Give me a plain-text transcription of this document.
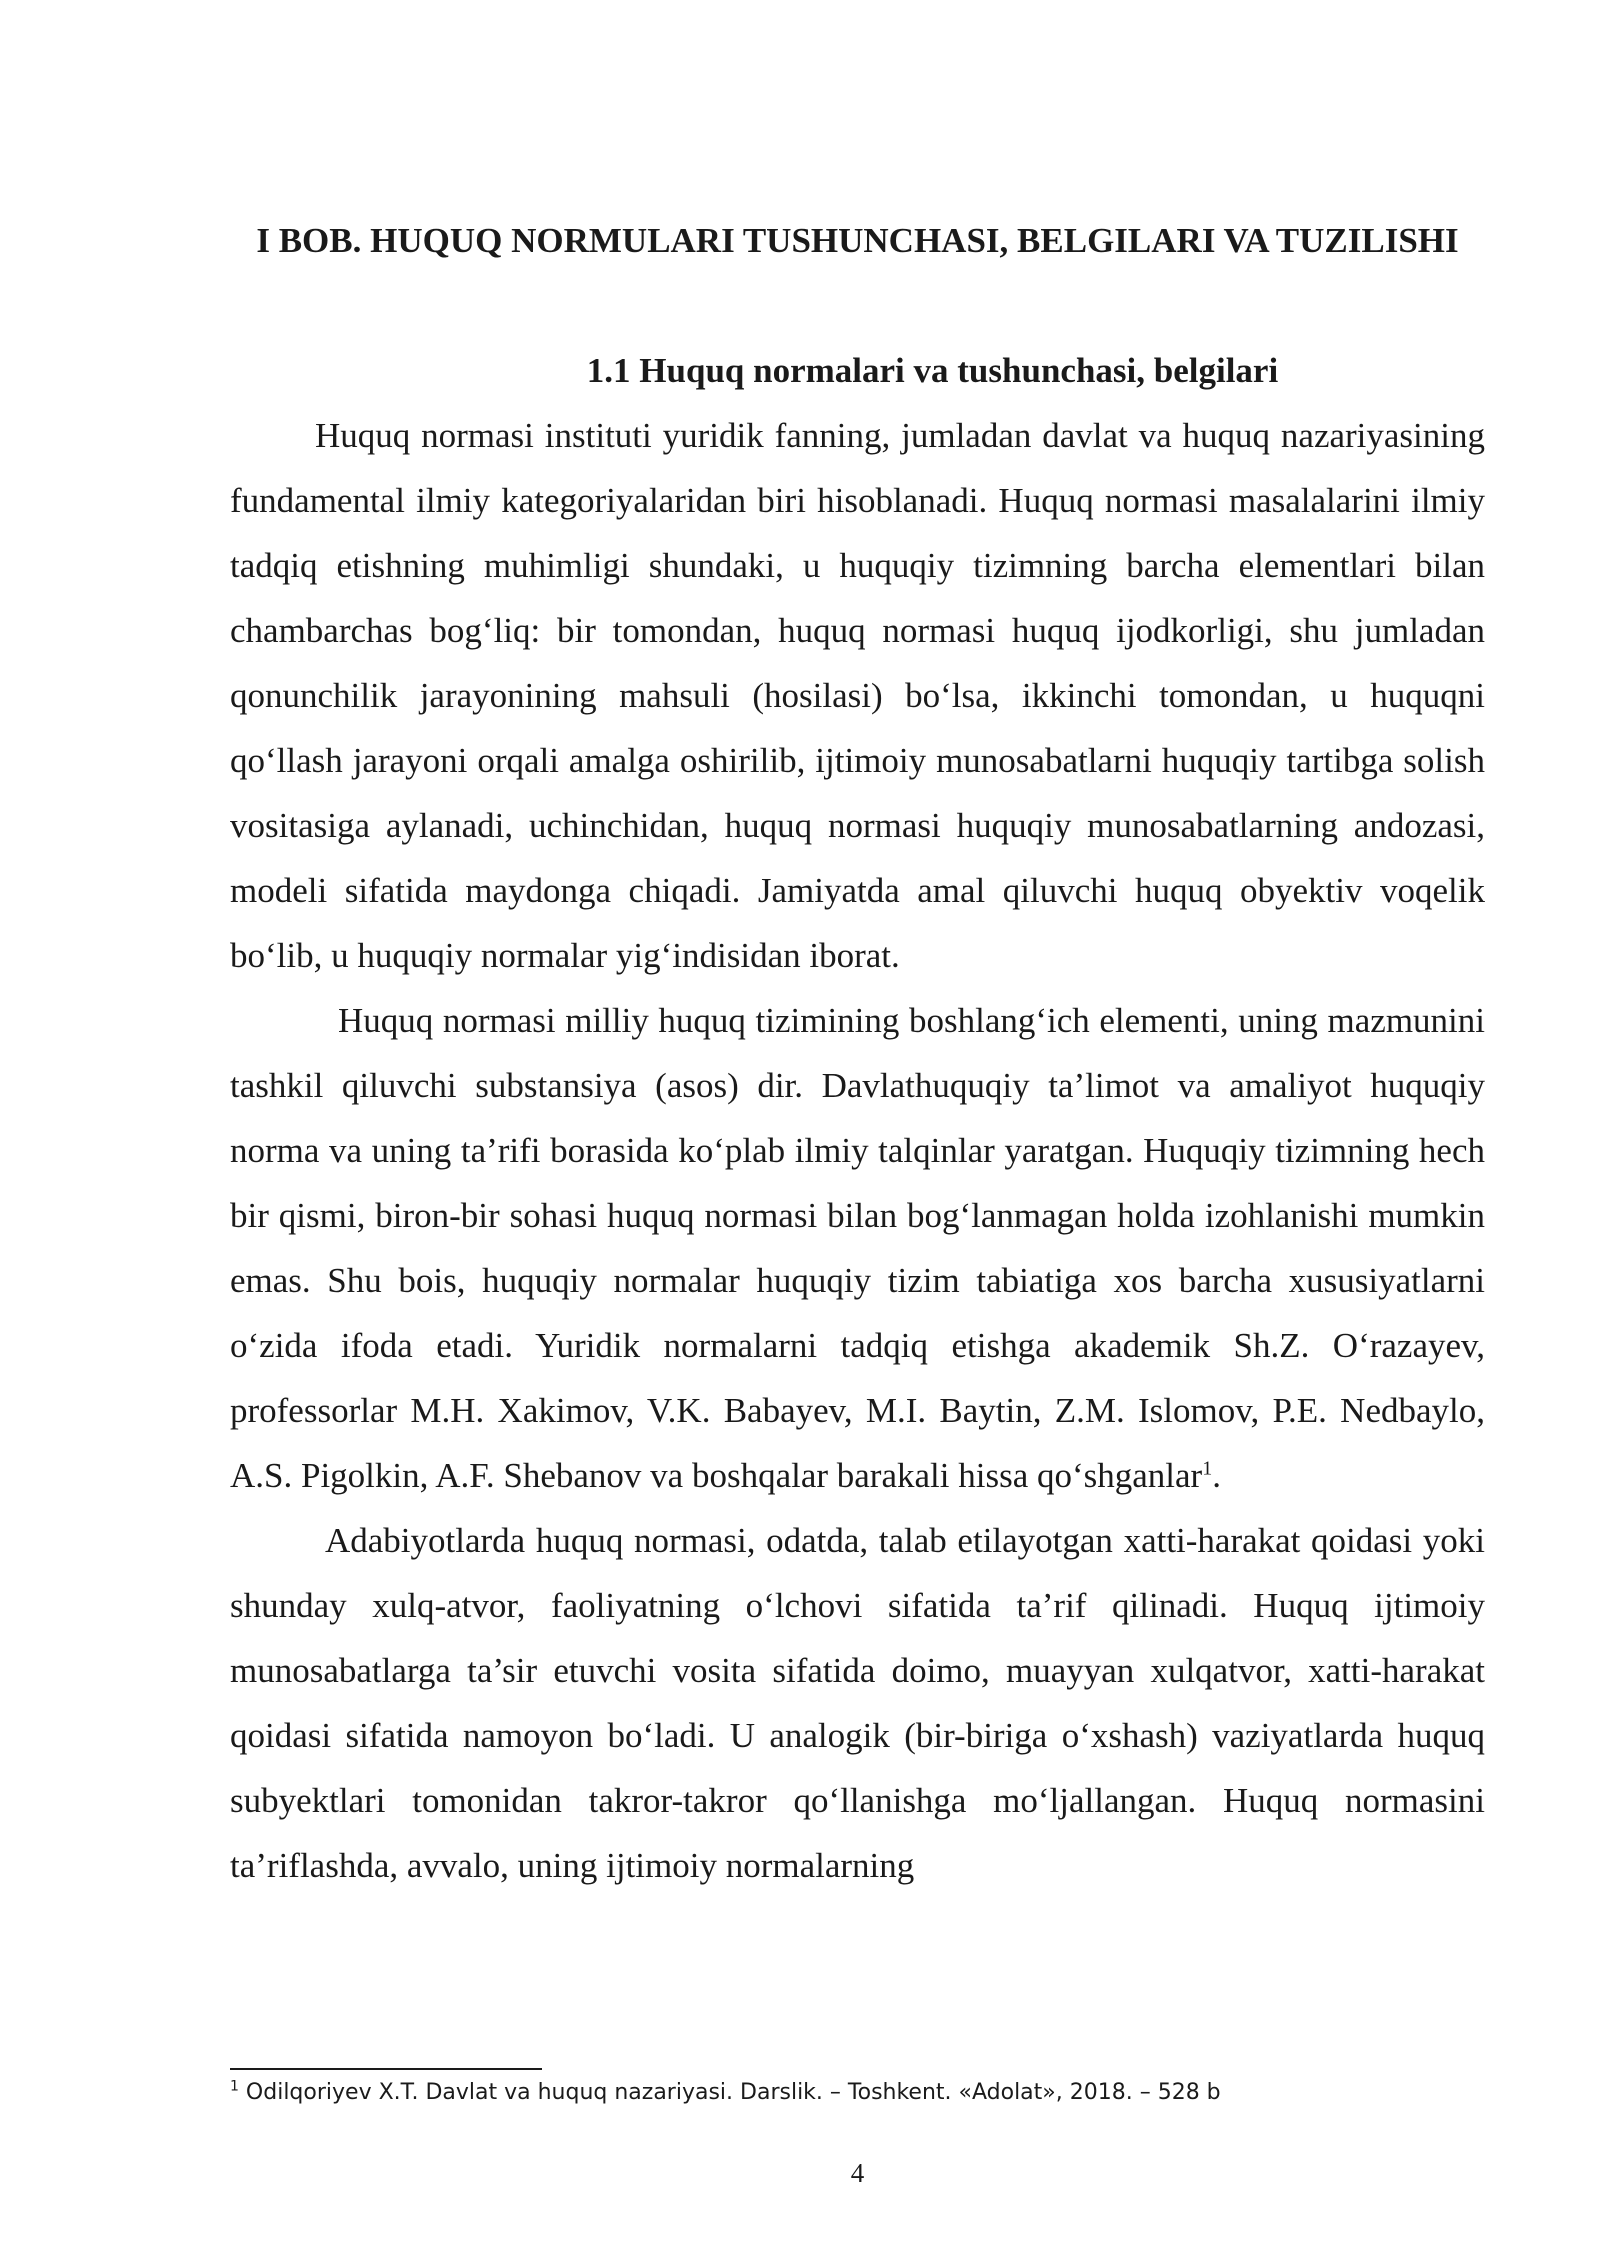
I BOB. HUQUQ NORMULARI TUSHUNCHASI, BELGILARI VA TUZILISHI
1.1 Huquq normalari va tushunchasi, belgilari

Huquq normasi instituti yuridik fanning, jumladan davlat va huquq nazariyasining fundamental ilmiy kategoriyalaridan biri hisoblanadi. Huquq normasi masalalarini ilmiy tadqiq etishning muhimligi shundaki, u huquqiy tizimning barcha elementlari bilan chambarchas bog‘liq: bir tomondan, huquq normasi huquq ijodkorligi, shu jumladan qonunchilik jarayonining mahsuli (hosilasi) bo‘lsa, ikkinchi tomondan, u huquqni qo‘llash jarayoni orqali amalga oshirilib, ijtimoiy munosabatlarni huquqiy tartibga solish vositasiga aylanadi, uchinchidan, huquq normasi huquqiy munosabatlarning andozasi, modeli sifatida maydonga chiqadi. Jamiyatda amal qiluvchi huquq obyektiv voqelik bo‘lib, u huquqiy normalar yig‘indisidan iborat.

Huquq normasi milliy huquq tizimining boshlang‘ich elementi, uning mazmunini tashkil qiluvchi substansiya (asos) dir. Davlathuquqiy ta’limot va amaliyot huquqiy norma va uning ta’rifi borasida ko‘plab ilmiy talqinlar yaratgan. Huquqiy tizimning hech bir qismi, biron-bir sohasi huquq normasi bilan bog‘lanmagan holda izohlanishi mumkin emas. Shu bois, huquqiy normalar huquqiy tizim tabiatiga xos barcha xususiyatlarni o‘zida ifoda etadi. Yuridik normalarni tadqiq etishga akademik Sh.Z. O‘razayev, professorlar M.H. Xakimov, V.K. Babayev, M.I. Baytin, Z.M. Islomov, P.E. Nedbaylo, A.S. Pigolkin, A.F. Shebanov va boshqalar barakali hissa qo‘shganlar$^1$.

Adabiyotlarda huquq normasi, odatda, talab etilayotgan xatti-harakat qoidasi yoki shunday xulq-atvor, faoliyatning o‘lchovi sifatida ta’rif qilinadi. Huquq ijtimoiy munosabatlarga ta’sir etuvchi vosita sifatida doimo, muayyan xulqatvor, xatti-harakat qoidasi sifatida namoyon bo‘ladi. U analogik (bir-biriga o‘xshash) vaziyatlarda huquq subyektlari tomonidan takror-takror qo‘llanishga mo‘ljallangan. Huquq normasini ta’riflashda, avvalo, uning ijtimoiy normalarning

$^1$ Odilqoriyev X.T. Davlat va huquq nazariyasi. Darslik. – Toshkent. «Adolat», 2018. – 528 b
4
